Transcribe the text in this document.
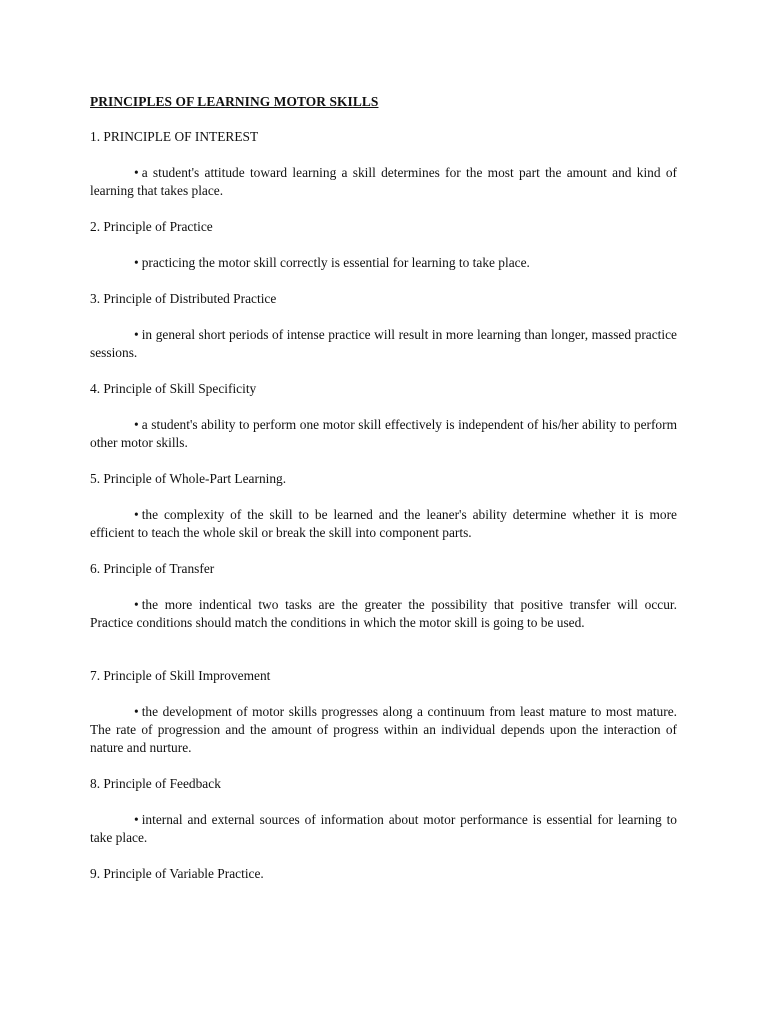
PRINCIPLES OF LEARNING MOTOR SKILLS
1. PRINCIPLE OF INTEREST
• a student's attitude toward learning a skill determines for the most part the amount and kind of learning that takes place.
2. Principle of Practice
• practicing the motor skill correctly is essential for learning to take place.
3. Principle of Distributed Practice
• in general short periods of intense practice will result in more learning than longer, massed practice sessions.
4. Principle of Skill Specificity
• a student's ability to perform one motor skill effectively is independent of his/her ability to perform other motor skills.
5. Principle of Whole-Part Learning.
• the complexity of the skill to be learned and the leaner's ability determine whether it is more efficient to teach the whole skil or break the skill into component parts.
6. Principle of Transfer
• the more indentical two tasks are the greater the possibility that positive transfer will occur. Practice conditions should match the conditions in which the motor skill is going to be used.
7. Principle of Skill Improvement
• the development of motor skills progresses along a continuum from least mature to most mature. The rate of progression and the amount of progress within an individual depends upon the interaction of nature and nurture.
8. Principle of Feedback
• internal and external sources of information about motor performance is essential for learning to take place.
9. Principle of Variable Practice.
